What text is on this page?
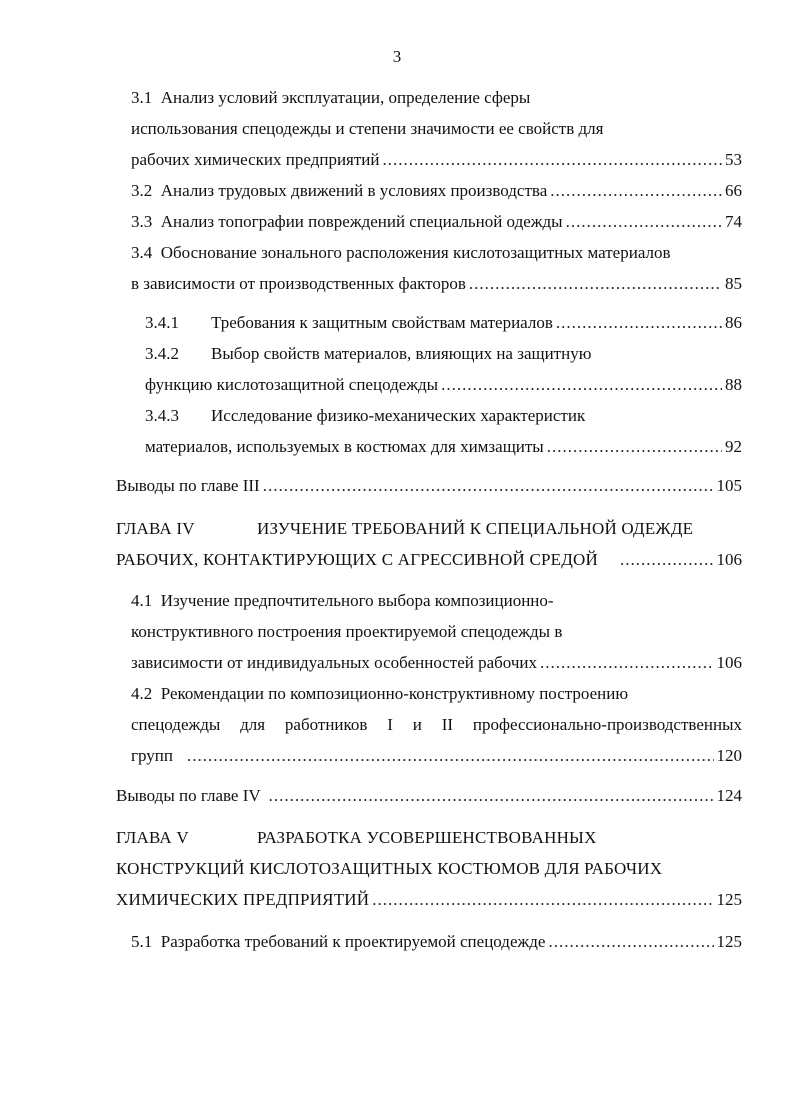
3
3.1 Анализ условий эксплуатации, определение сферы
использования спецодежды и степени значимости ее свойств для
рабочих химических предприятий .....	53
3.2 Анализ трудовых движений в условиях производства .....	66
3.3 Анализ топографии повреждений специальной одежды .....	74
3.4 Обоснование зонального расположения кислотозащитных материалов
в зависимости от производственных факторов .....	85
3.4.1 Требования к защитным свойствам материалов .....	86
3.4.2 Выбор свойств материалов, влияющих на защитную
функцию кислотозащитной спецодежды .....	88
3.4.3 Исследование физико-механических характеристик
материалов, используемых в костюмах для химзащиты .....	92
Выводы по главе III .....	105
ГЛАВА IV	ИЗУЧЕНИЕ ТРЕБОВАНИЙ К СПЕЦИАЛЬНОЙ ОДЕЖДЕ
РАБОЧИХ, КОНТАКТИРУЮЩИХ С АГРЕССИВНОЙ СРЕДОЙ .....	106
4.1 Изучение предпочтительного выбора композиционно-
конструктивного построения проектируемой спецодежды в
зависимости от индивидуальных особенностей рабочих .....	106
4.2 Рекомендации по композиционно-конструктивному построению
спецодежды для работников I и II профессионально-производственных
групп .....	120
Выводы по главе IV .....	124
ГЛАВА V	РАЗРАБОТКА УСОВЕРШЕНСТВОВАННЫХ
КОНСТРУКЦИЙ КИСЛОТОЗАЩИТНЫХ КОСТЮМОВ ДЛЯ РАБОЧИХ
ХИМИЧЕСКИХ ПРЕДПРИЯТИЙ .....	125
5.1 Разработка требований к проектируемой спецодежде .....	125
